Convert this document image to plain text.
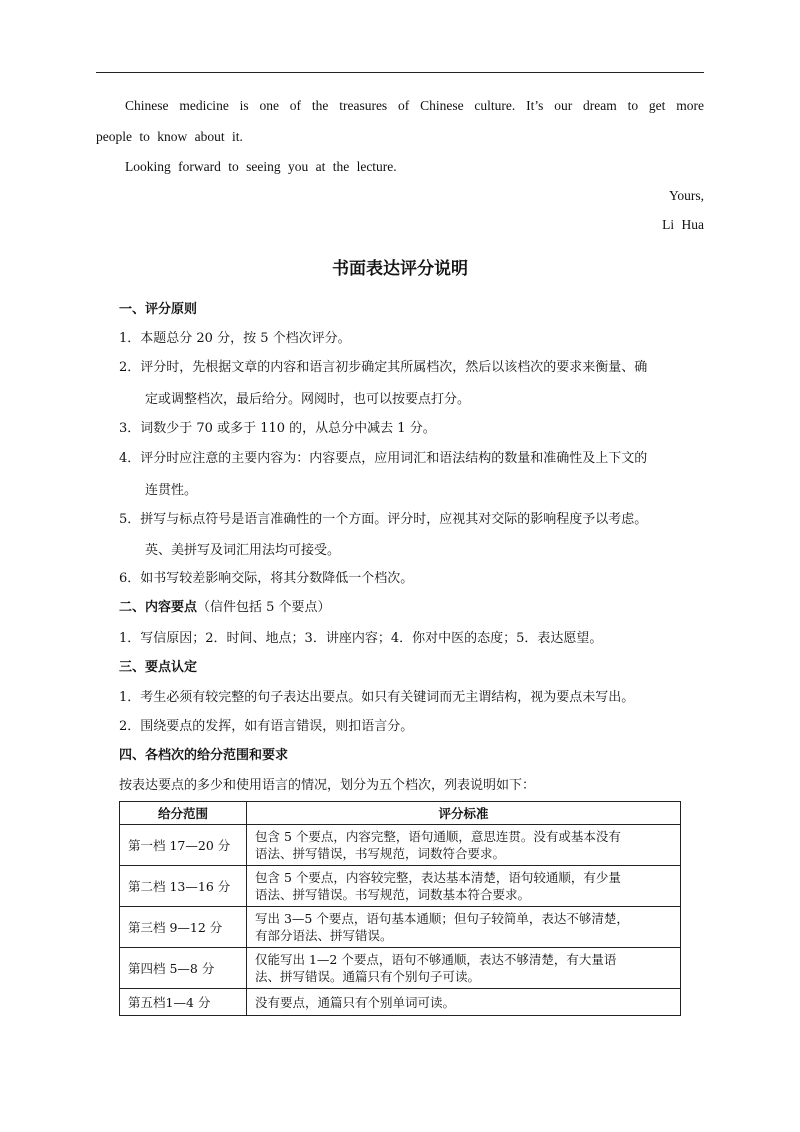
Chinese medicine is one of the treasures of Chinese culture. It’s our dream to get more
people to know about it.
Looking forward to seeing you at the lecture.
Yours,
Li Hua
书面表达评分说明
一、评分原则
1．本题总分 20 分，按 5 个档次评分。
2．评分时，先根据文章的内容和语言初步确定其所属档次，然后以该档次的要求来衡量、确
定或调整档次，最后给分。网阅时，也可以按要点打分。
3．词数少于 70 或多于 110 的，从总分中减去 1 分。
4．评分时应注意的主要内容为：内容要点，应用词汇和语法结构的数量和准确性及上下文的
连贯性。
5．拼写与标点符号是语言准确性的一个方面。评分时，应视其对交际的影响程度予以考虑。
英、美拼写及词汇用法均可接受。
6．如书写较差影响交际，将其分数降低一个档次。
二、内容要点（信件包括 5 个要点）
1．写信原因；2．时间、地点；3．讲座内容；4．你对中医的态度；5．表达愿望。
三、要点认定
1．考生必须有较完整的句子表达出要点。如只有关键词而无主谓结构，视为要点未写出。
2．围绕要点的发挥，如有语言错误，则扣语言分。
四、各档次的给分范围和要求
按表达要点的多少和使用语言的情况，划分为五个档次，列表说明如下：
给分范围	评分标准
第一档 17—20 分	包含 5 个要点，内容完整，语句通顺，意思连贯。没有或基本没有
语法、拼写错误，书写规范，词数符合要求。

第二档 13—16 分	包含 5 个要点，内容较完整，表达基本清楚，语句较通顺，有少量
语法、拼写错误。书写规范，词数基本符合要求。

第三档 9—12 分	写出 3—5 个要点，语句基本通顺；但句子较简单，表达不够清楚，
有部分语法、拼写错误。

第四档 5—8 分	仅能写出 1—2 个要点，语句不够通顺，表达不够清楚，有大量语
法、拼写错误。通篇只有个别句子可读。

第五档1—4 分	没有要点，通篇只有个别单词可读。
